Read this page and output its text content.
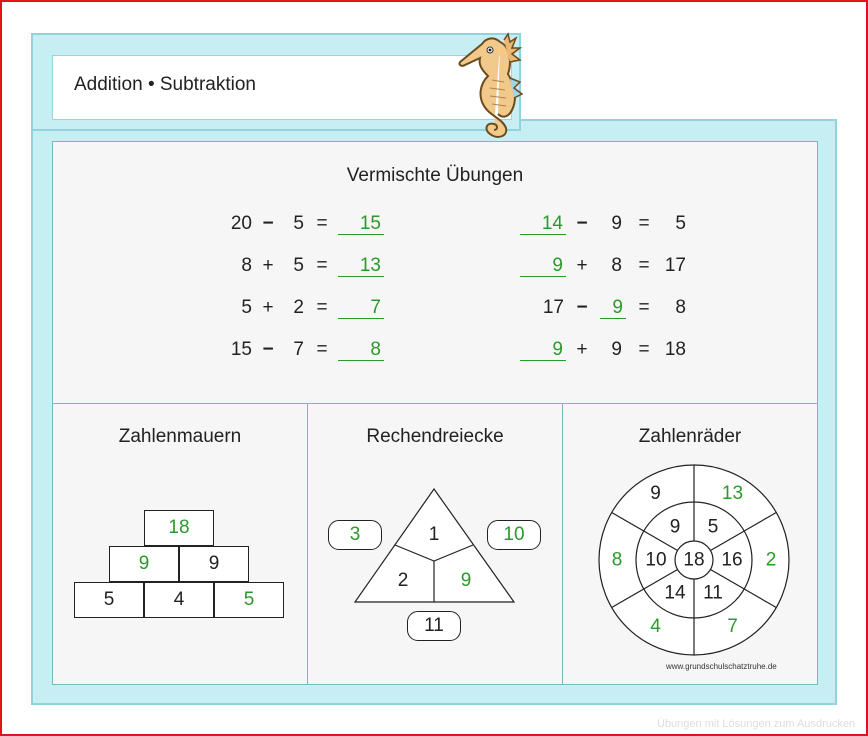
Addition • Subtraktion
Vermischte Übungen
Zahlenmauern	Rechendreiecke	Zahlenräder
18
9	9
5	4	5
1
2	9
3	10
11
18
9 5
16
11
14
10
9	13
2
7
4
8
www.grundschulschatztruhe.de
Übungen mit Lösungen zum Ausdrucken
20 −	5 =	15
8 +	5 =	13
5 +	2 =	7
15 −	7 =	8
14 −	9 =	5
9 +	8 = 17
17 −	9 =	8
9 +	9 = 18
